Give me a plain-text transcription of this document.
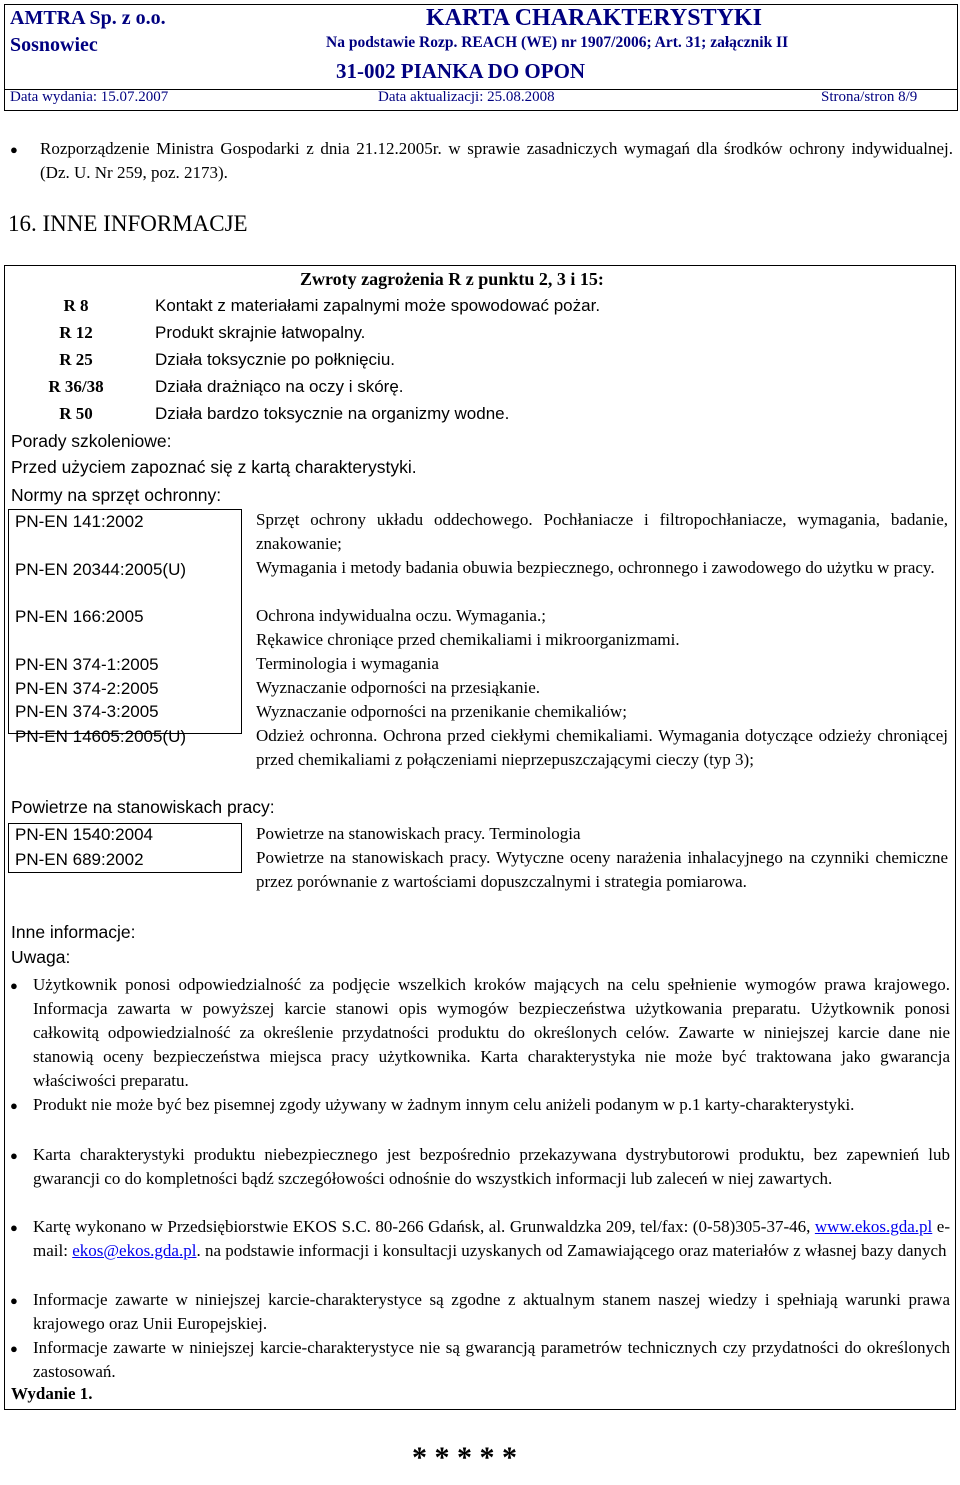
AMTRA Sp. z o.o.
Sosnowiec
KARTA CHARAKTERYSTYKI
Na podstawie Rozp. REACH (WE) nr 1907/2006; Art. 31; załącznik II
31-002 PIANKA DO OPON
Data wydania: 15.07.2007	Data aktualizacji: 25.08.2008	Strona/stron 8/9
● Rozporządzenie Ministra Gospodarki z dnia 21.12.2005r. w sprawie zasadniczych wymagań dla środków ochrony indywidualnej. (Dz. U. Nr 259, poz. 2173).
16. INNE INFORMACJE
Zwroty zagrożenia R z punktu 2, 3 i 15:
R 8	Kontakt z materiałami zapalnymi może spowodować pożar.
R 12	Produkt skrajnie łatwopalny.
R 25	Działa toksycznie po połknięciu.
R 36/38	Działa drażniąco na oczy i skórę.
R 50	Działa bardzo toksycznie na organizmy wodne.
Porady szkoleniowe:
Przed użyciem zapoznać się z kartą charakterystyki.
Normy na sprzęt ochronny:
PN-EN 141:2002	Sprzęt ochrony układu oddechowego. Pochłaniacze i filtropochłaniacze, wymagania, badanie, znakowanie;
PN-EN 20344:2005(U)	Wymagania i metody badania obuwia bezpiecznego, ochronnego i zawodowego do użytku w pracy.
PN-EN 166:2005	Ochrona indywidualna oczu. Wymagania.;
Rękawice chroniące przed chemikaliami i mikroorganizmami.
PN-EN 374-1:2005	Terminologia i wymagania
PN-EN 374-2:2005	Wyznaczanie odporności na przesiąkanie.
PN-EN 374-3:2005	Wyznaczanie odporności na przenikanie chemikaliów;
PN-EN 14605:2005(U)	Odzież ochronna. Ochrona przed ciekłymi chemikaliami. Wymagania dotyczące odzieży chroniącej przed chemikaliami z połączeniami nieprzepuszczającymi cieczy (typ 3);
Powietrze na stanowiskach pracy:
PN-EN 1540:2004	Powietrze na stanowiskach pracy. Terminologia
PN-EN 689:2002	Powietrze na stanowiskach pracy. Wytyczne oceny narażenia inhalacyjnego na czynniki chemiczne przez porównanie z wartościami dopuszczalnymi i strategia pomiarowa.
Inne informacje:
Uwaga:
● Użytkownik ponosi odpowiedzialność za podjęcie wszelkich kroków mających na celu spełnienie wymogów prawa krajowego. Informacja zawarta w powyższej karcie stanowi opis wymogów bezpieczeństwa użytkowania preparatu. Użytkownik ponosi całkowitą odpowiedzialność za określenie przydatności produktu do określonych celów. Zawarte w niniejszej karcie dane nie stanowią oceny bezpieczeństwa miejsca pracy użytkownika. Karta charakterystyka nie może być traktowana jako gwarancja właściwości preparatu.
● Produkt nie może być bez pisemnej zgody używany w żadnym innym celu aniżeli podanym w p.1 karty-charakterystyki.
● Karta charakterystyki produktu niebezpiecznego jest bezpośrednio przekazywana dystrybutorowi produktu, bez zapewnień lub gwarancji co do kompletności bądź szczegółowości odnośnie do wszystkich informacji lub zaleceń w niej zawartych.
● Kartę wykonano w Przedsiębiorstwie EKOS S.C. 80-266 Gdańsk, al. Grunwaldzka 209, tel/fax: (0-58)305-37-46, www.ekos.gda.pl e-mail: ekos@ekos.gda.pl. na podstawie informacji i konsultacji uzyskanych od Zamawiającego oraz materiałów z własnej bazy danych
● Informacje zawarte w niniejszej karcie-charakterystyce są zgodne z aktualnym stanem naszej wiedzy i spełniają warunki prawa krajowego oraz Unii Europejskiej.
● Informacje zawarte w niniejszej karcie-charakterystyce nie są gwarancją parametrów technicznych czy przydatności do określonych zastosowań.
Wydanie 1.
* * * * *
